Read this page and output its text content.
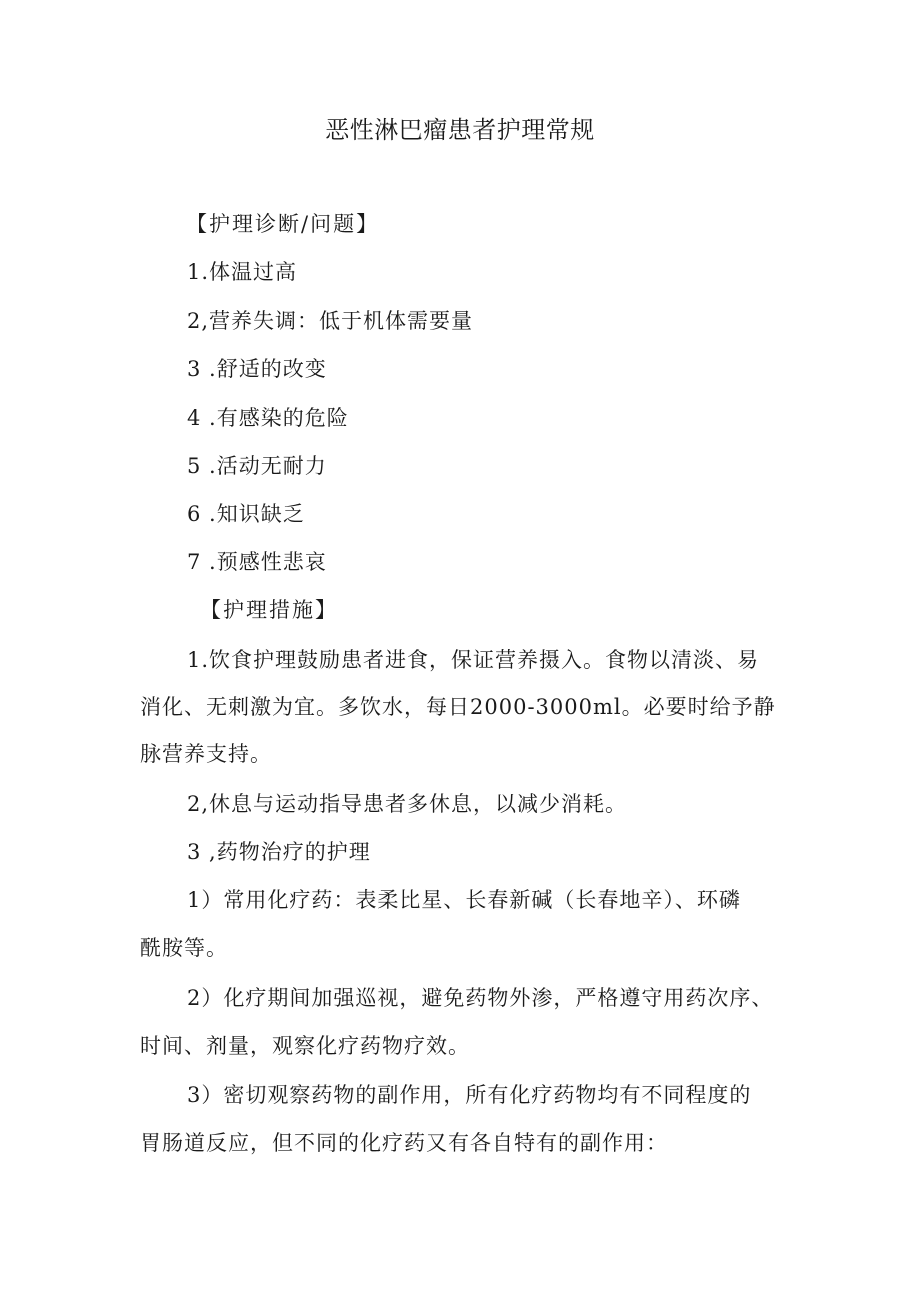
恶性淋巴瘤患者护理常规
【护理诊断/问题】
1.体温过高
2,营养失调：低于机体需要量
3 .舒适的改变
4 .有感染的危险
5 .活动无耐力
6 .知识缺乏
7 .预感性悲哀
【护理措施】
1.饮食护理鼓励患者进食，保证营养摄入。食物以清淡、易
消化、无刺激为宜。多饮水，每日2000-3000ml。必要时给予静
脉营养支持。
2,休息与运动指导患者多休息，以减少消耗。
3 ,药物治疗的护理
1）常用化疗药：表柔比星、长春新碱（长春地辛）、环磷
酰胺等。
2）化疗期间加强巡视，避免药物外渗，严格遵守用药次序、
时间、剂量，观察化疗药物疗效。
3）密切观察药物的副作用，所有化疗药物均有不同程度的
胃肠道反应，但不同的化疗药又有各自特有的副作用：
